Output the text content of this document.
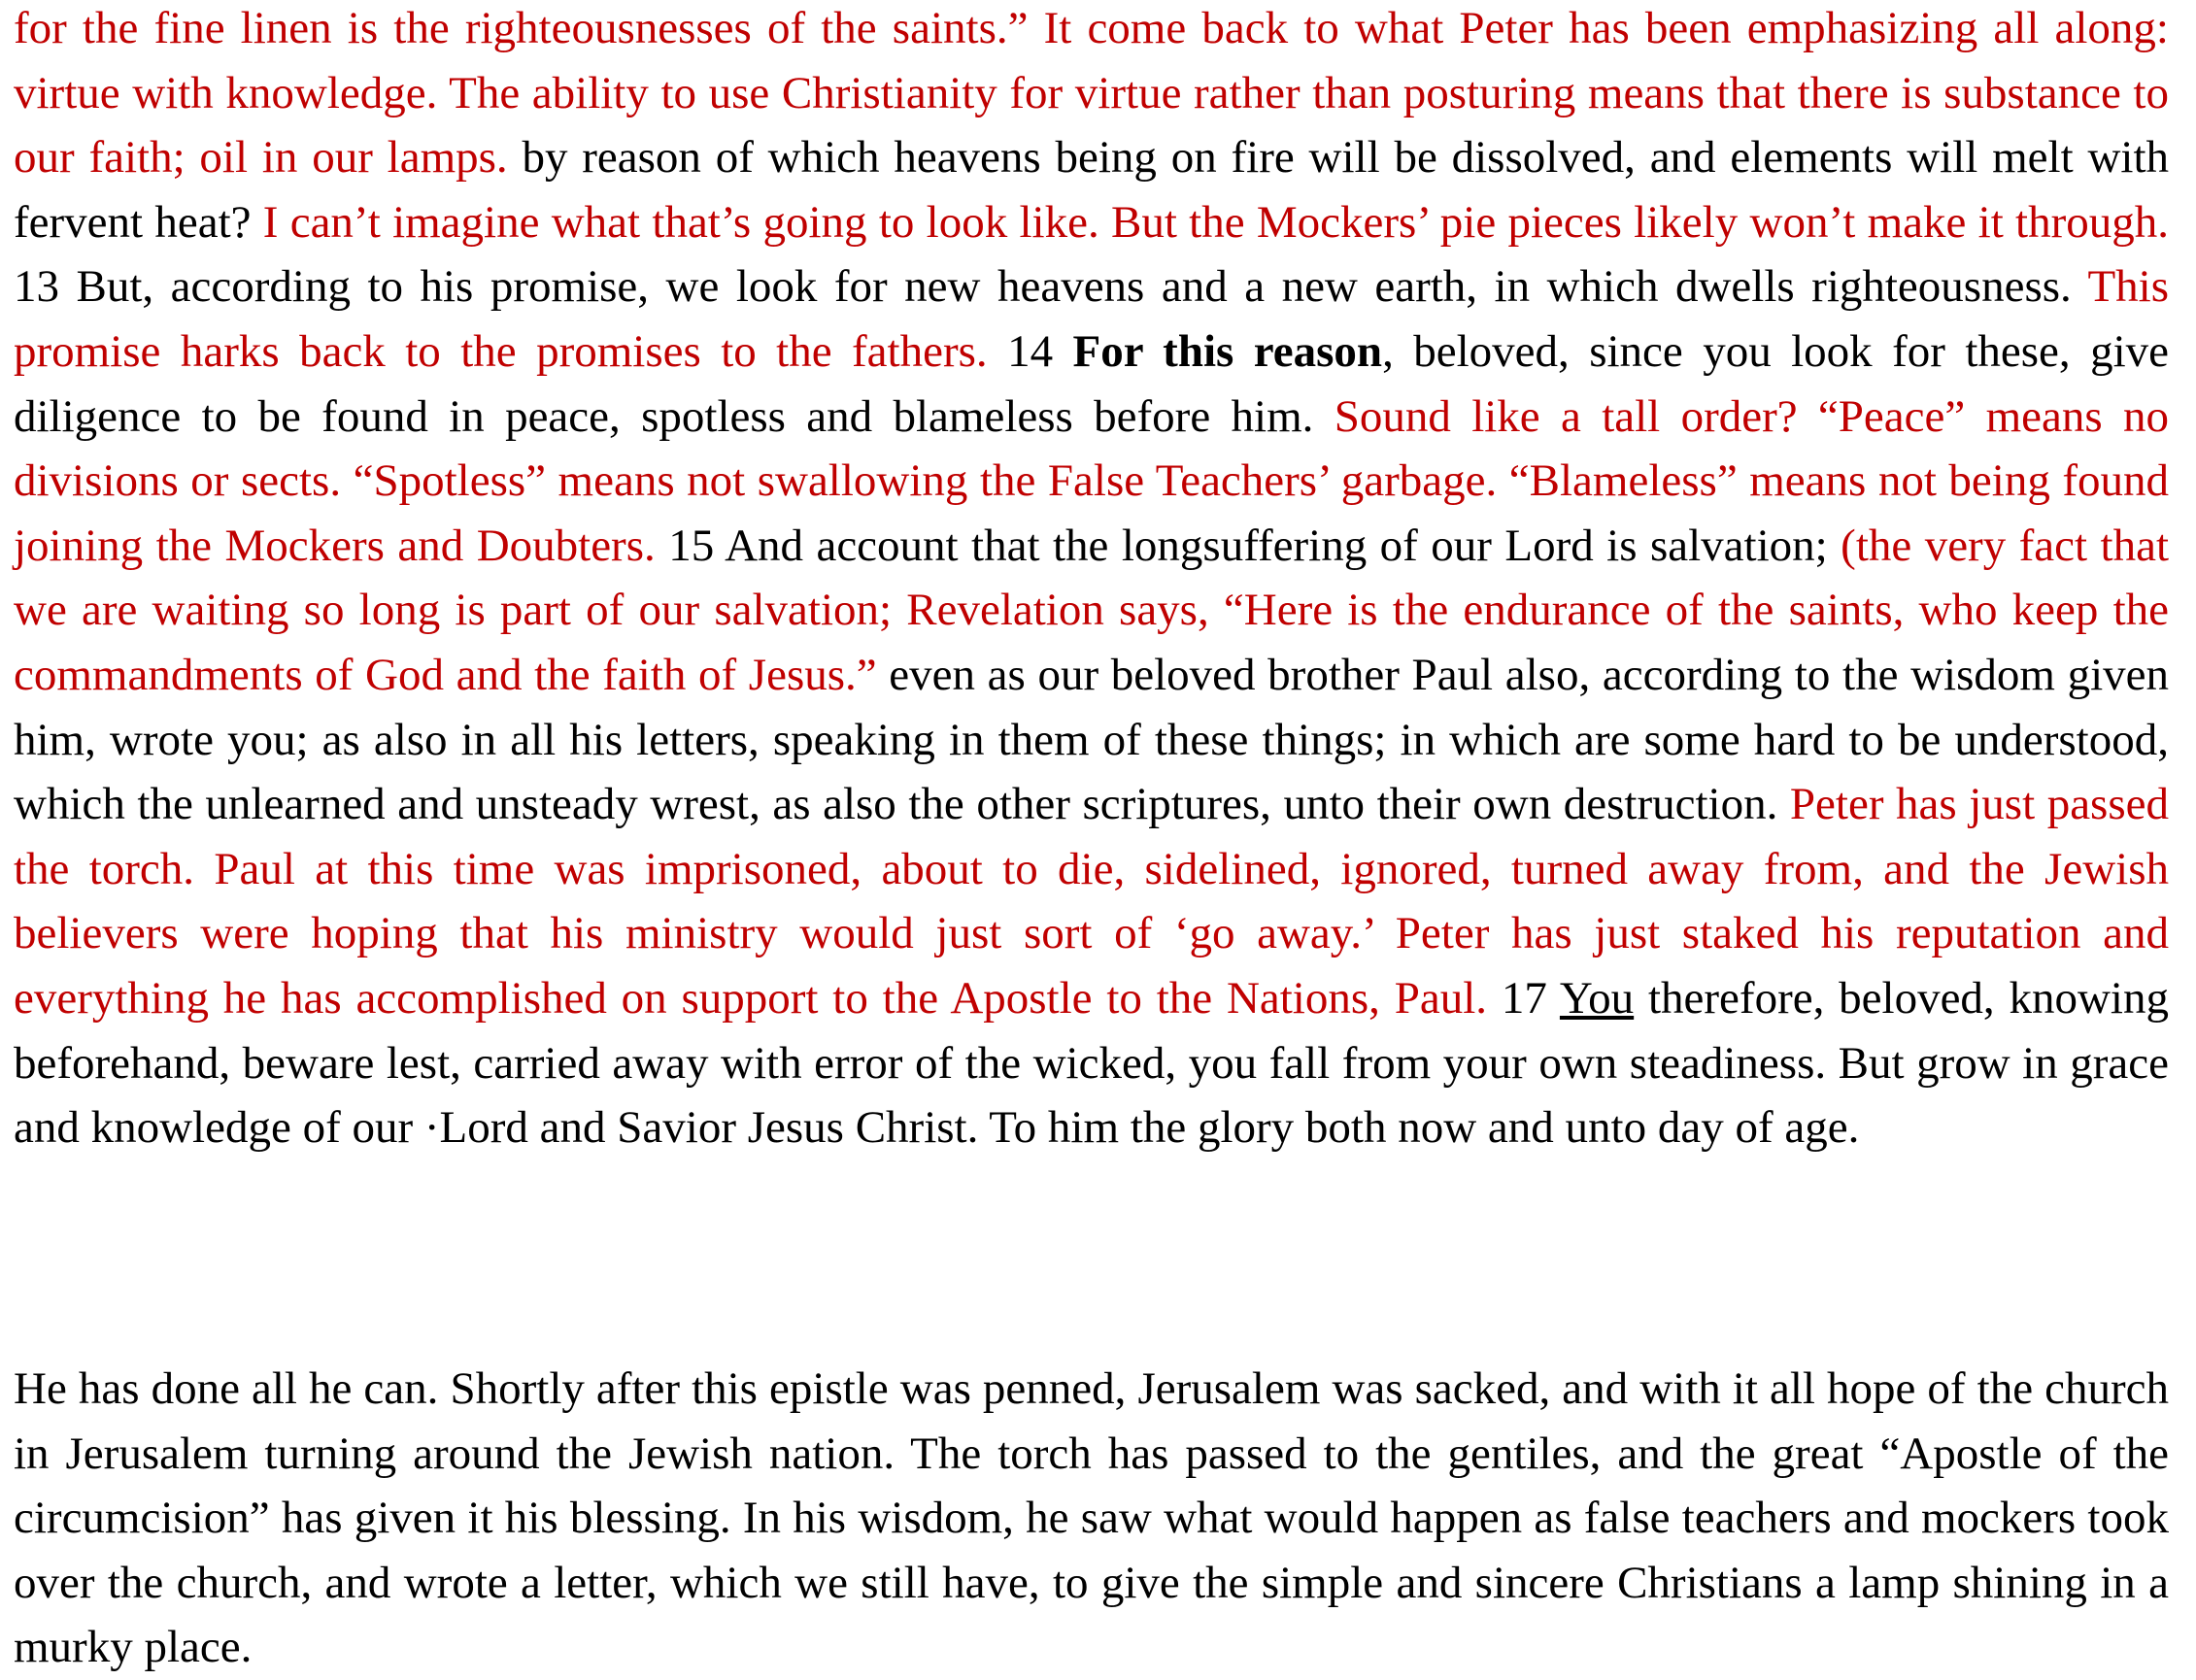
for the fine linen is the righteousnesses of the saints.” It come back to what Peter has been emphasizing all along: virtue with knowledge. The ability to use Christianity for virtue rather than posturing means that there is substance to our faith; oil in our lamps. by reason of which heavens being on fire will be dissolved, and elements will melt with fervent heat? I can’t imagine what that’s going to look like. But the Mockers’ pie pieces likely won’t make it through. 13 But, according to his promise, we look for new heavens and a new earth, in which dwells righteousness. This promise harks back to the promises to the fathers. 14 For this reason, beloved, since you look for these, give diligence to be found in peace, spotless and blameless before him. Sound like a tall order? “Peace” means no divisions or sects. “Spotless” means not swallowing the False Teachers’ garbage. “Blameless” means not being found joining the Mockers and Doubters. 15 And account that the longsuffering of our Lord is salvation; (the very fact that we are waiting so long is part of our salvation; Revelation says, “Here is the endurance of the saints, who keep the commandments of God and the faith of Jesus.” even as our beloved brother Paul also, according to the wisdom given him, wrote you; as also in all his letters, speaking in them of these things; in which are some hard to be understood, which the unlearned and unsteady wrest, as also the other scriptures, unto their own destruction. Peter has just passed the torch. Paul at this time was imprisoned, about to die, sidelined, ignored, turned away from, and the Jewish believers were hoping that his ministry would just sort of ‘go away.’ Peter has just staked his reputation and everything he has accomplished on support to the Apostle to the Nations, Paul. 17 You therefore, beloved, knowing beforehand, beware lest, carried away with error of the wicked, you fall from your own steadiness. But grow in grace and knowledge of our ·Lord and Savior Jesus Christ. To him the glory both now and unto day of age.

He has done all he can. Shortly after this epistle was penned, Jerusalem was sacked, and with it all hope of the church in Jerusalem turning around the Jewish nation. The torch has passed to the gentiles, and the great “Apostle of the circumcision” has given it his blessing. In his wisdom, he saw what would happen as false teachers and mockers took over the church, and wrote a letter, which we still have, to give the simple and sincere Christians a lamp shining in a murky place.
